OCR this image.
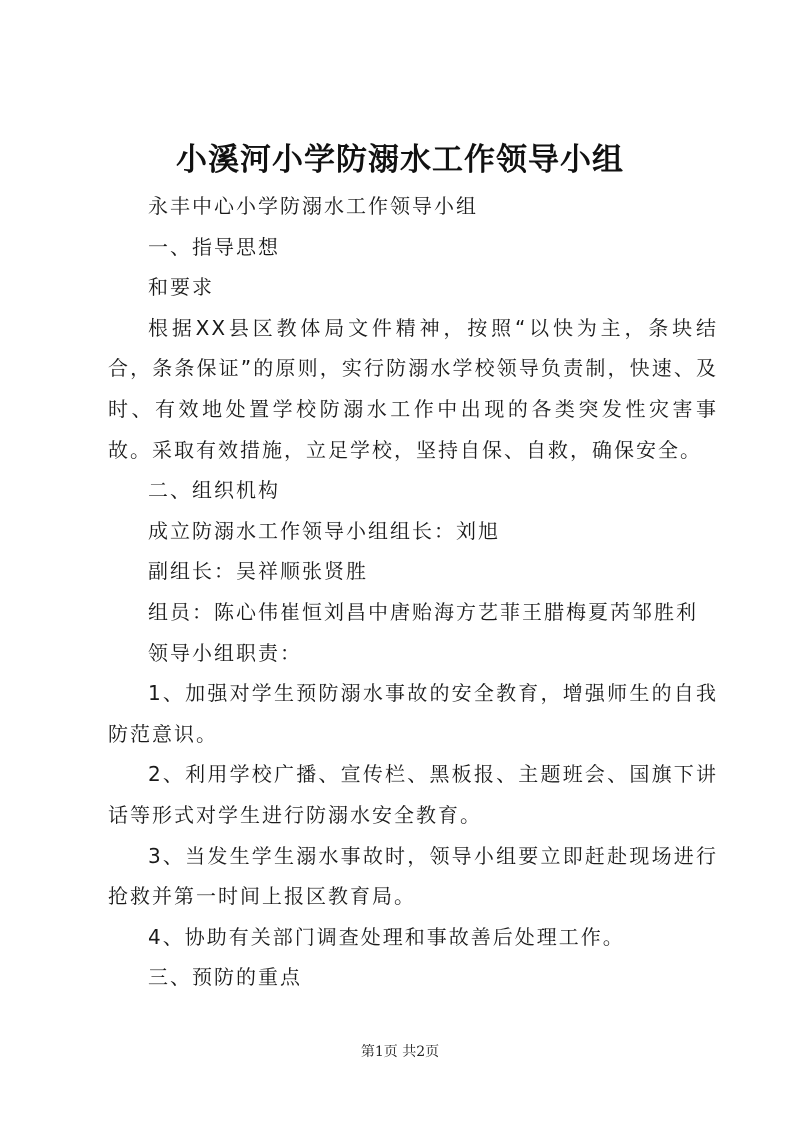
小溪河小学防溺水工作领导小组

永丰中心小学防溺水工作领导小组

一、指导思想

和要求

根据XX县区教体局文件精神，按照“以快为主，条块结合，条条保证”的原则，实行防溺水学校领导负责制，快速、及时、有效地处置学校防溺水工作中出现的各类突发性灾害事故。采取有效措施，立足学校，坚持自保、自救，确保安全。

二、组织机构

成立防溺水工作领导小组组长：刘旭

副组长：吴祥顺张贤胜

组员：陈心伟崔恒刘昌中唐贻海方艺菲王腊梅夏芮邹胜利

领导小组职责：

1、加强对学生预防溺水事故的安全教育，增强师生的自我防范意识。

2、利用学校广播、宣传栏、黑板报、主题班会、国旗下讲话等形式对学生进行防溺水安全教育。

3、当发生学生溺水事故时，领导小组要立即赶赴现场进行抢救并第一时间上报区教育局。

4、协助有关部门调查处理和事故善后处理工作。

三、预防的重点

第1页 共2页
